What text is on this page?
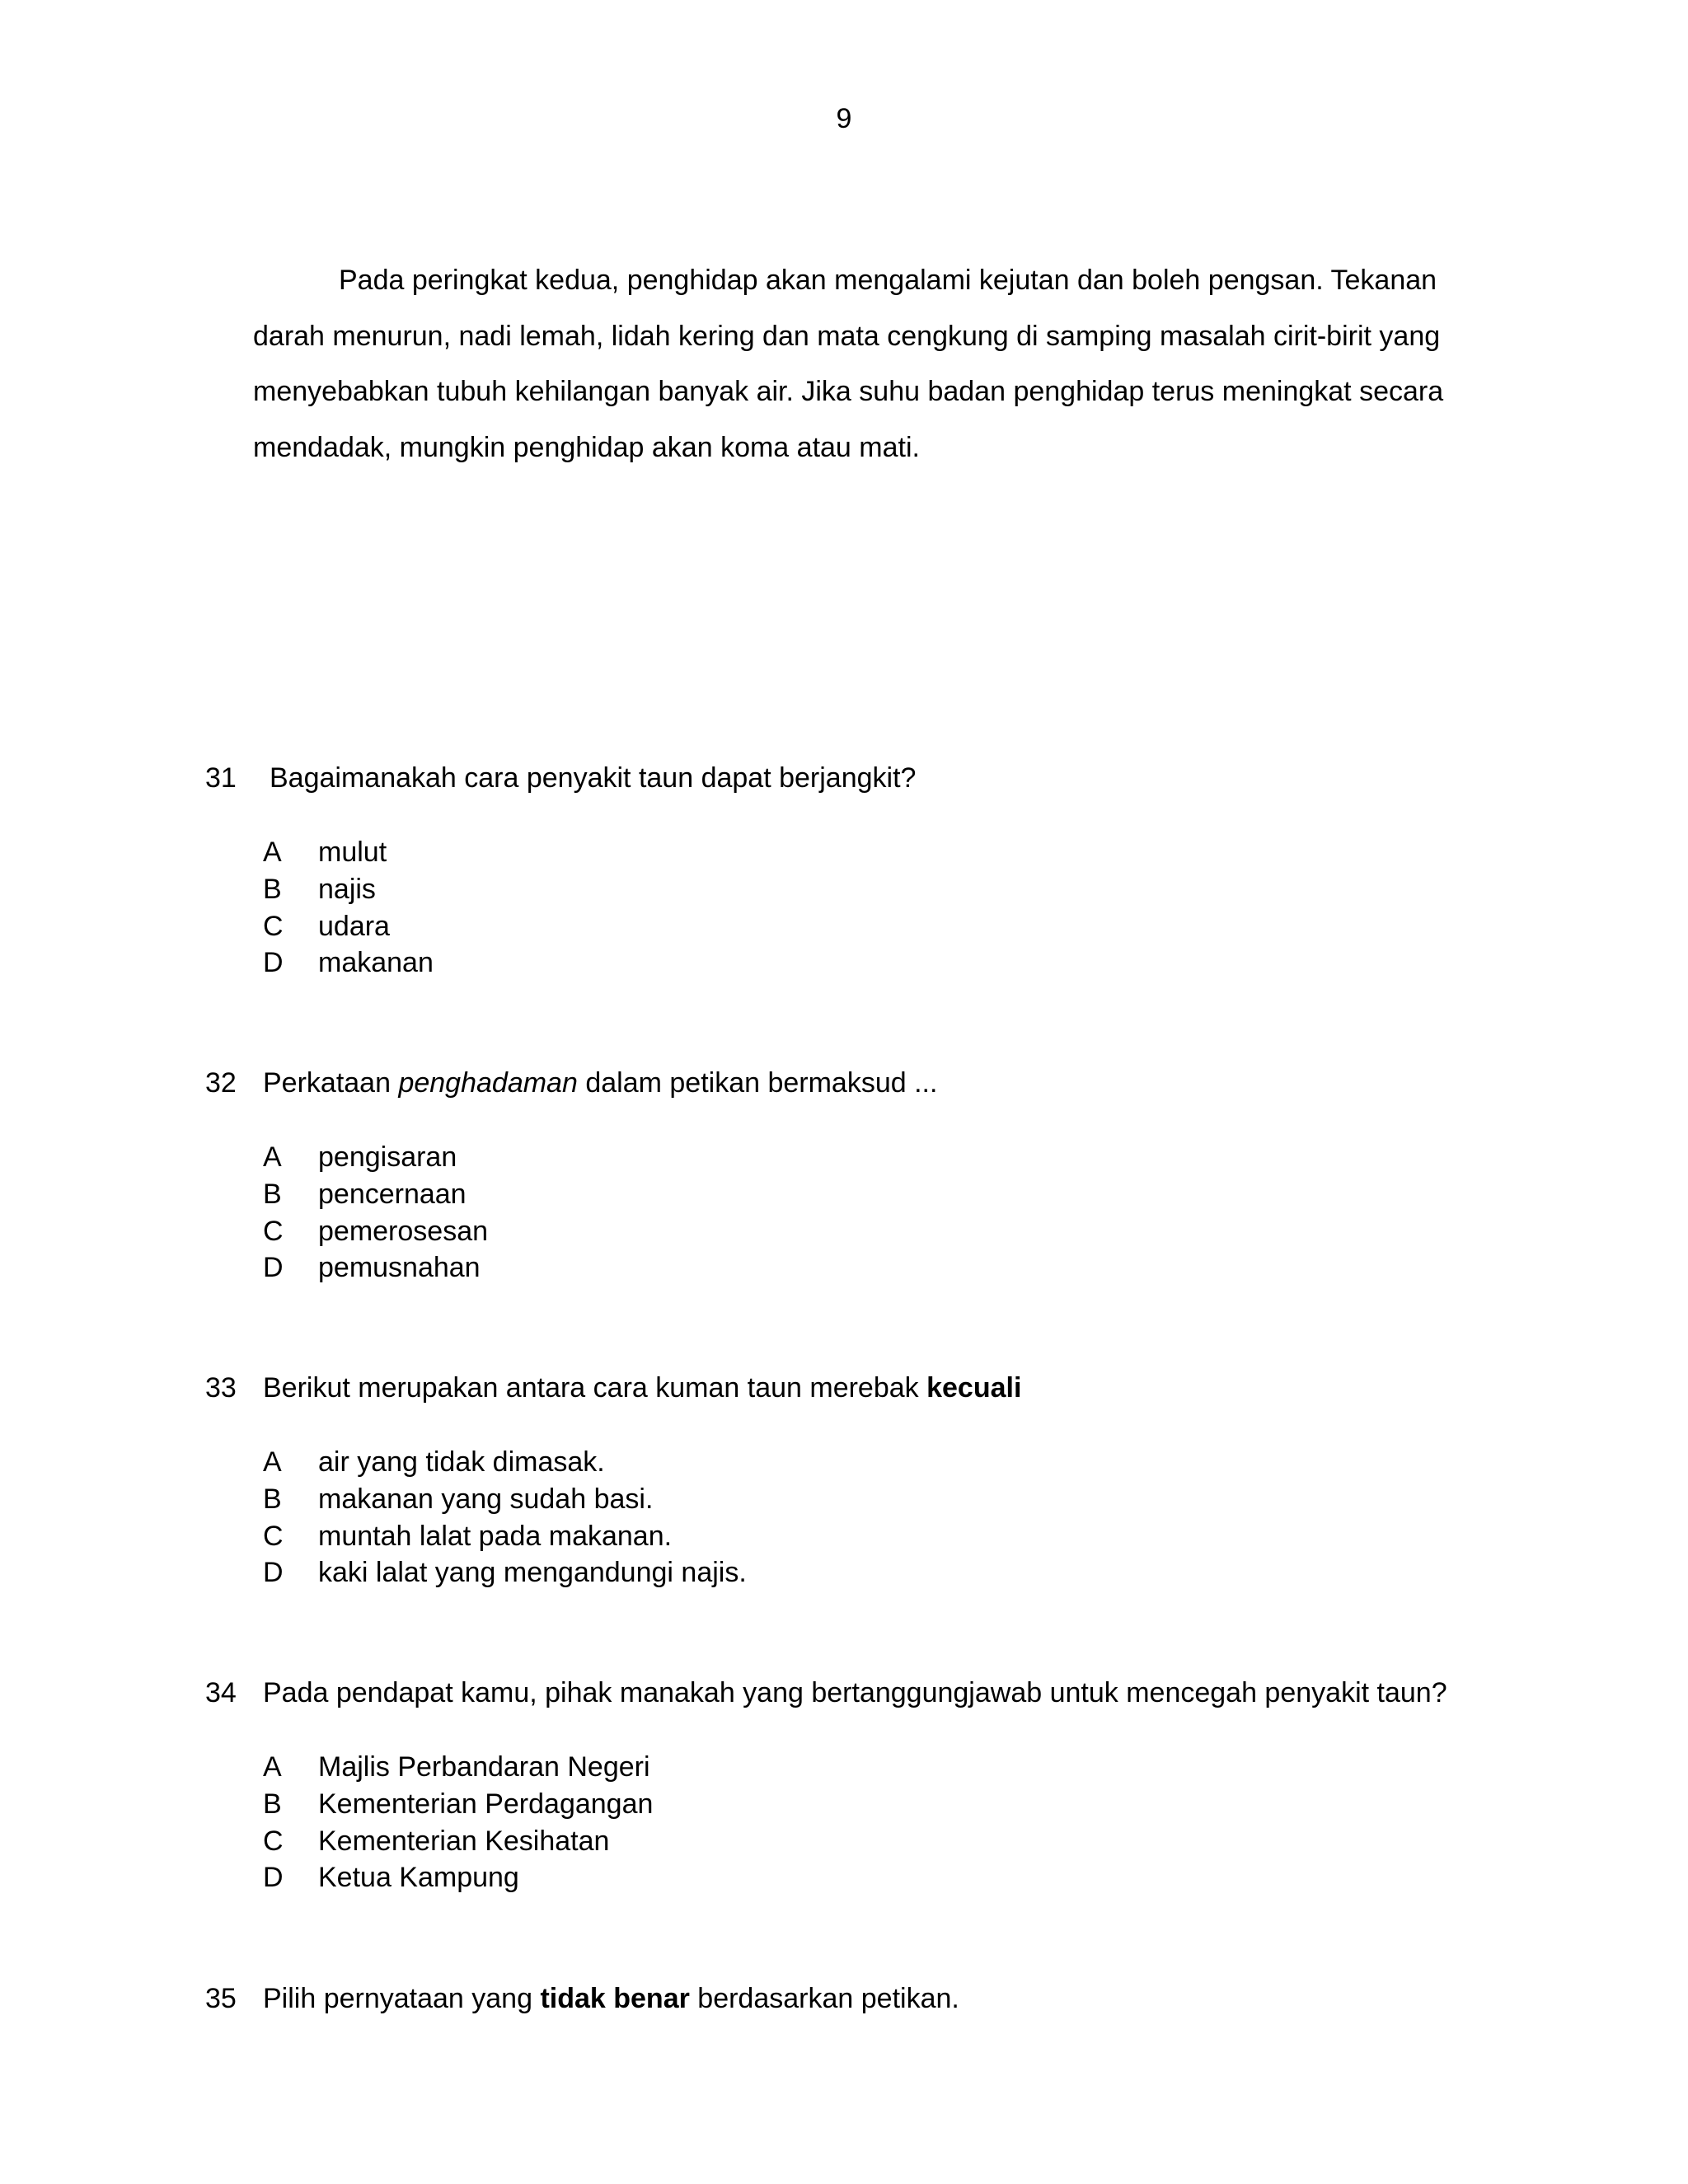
9
Pada peringkat kedua, penghidap akan mengalami kejutan dan boleh pengsan. Tekanan
darah menurun, nadi lemah, lidah kering dan mata cengkung di samping masalah cirit-birit yang
menyebabkan tubuh kehilangan banyak air. Jika suhu badan penghidap terus meningkat secara
mendadak, mungkin penghidap akan koma atau mati.
31 Bagaimanakah cara penyakit taun dapat berjangkit?
A mulut
B najis
C udara
D makanan
32 Perkataan penghadaman dalam petikan bermaksud ...
A pengisaran
B pencernaan
C pemerosesan
D pemusnahan
33 Berikut merupakan antara cara kuman taun merebak kecuali
A air yang tidak dimasak.
B makanan yang sudah basi.
C muntah lalat pada makanan.
D kaki lalat yang mengandungi najis.
34 Pada pendapat kamu, pihak manakah yang bertanggungjawab untuk mencegah penyakit taun?
A Majlis Perbandaran Negeri
B Kementerian Perdagangan
C Kementerian Kesihatan
D Ketua Kampung
35 Pilih pernyataan yang tidak benar berdasarkan petikan.
